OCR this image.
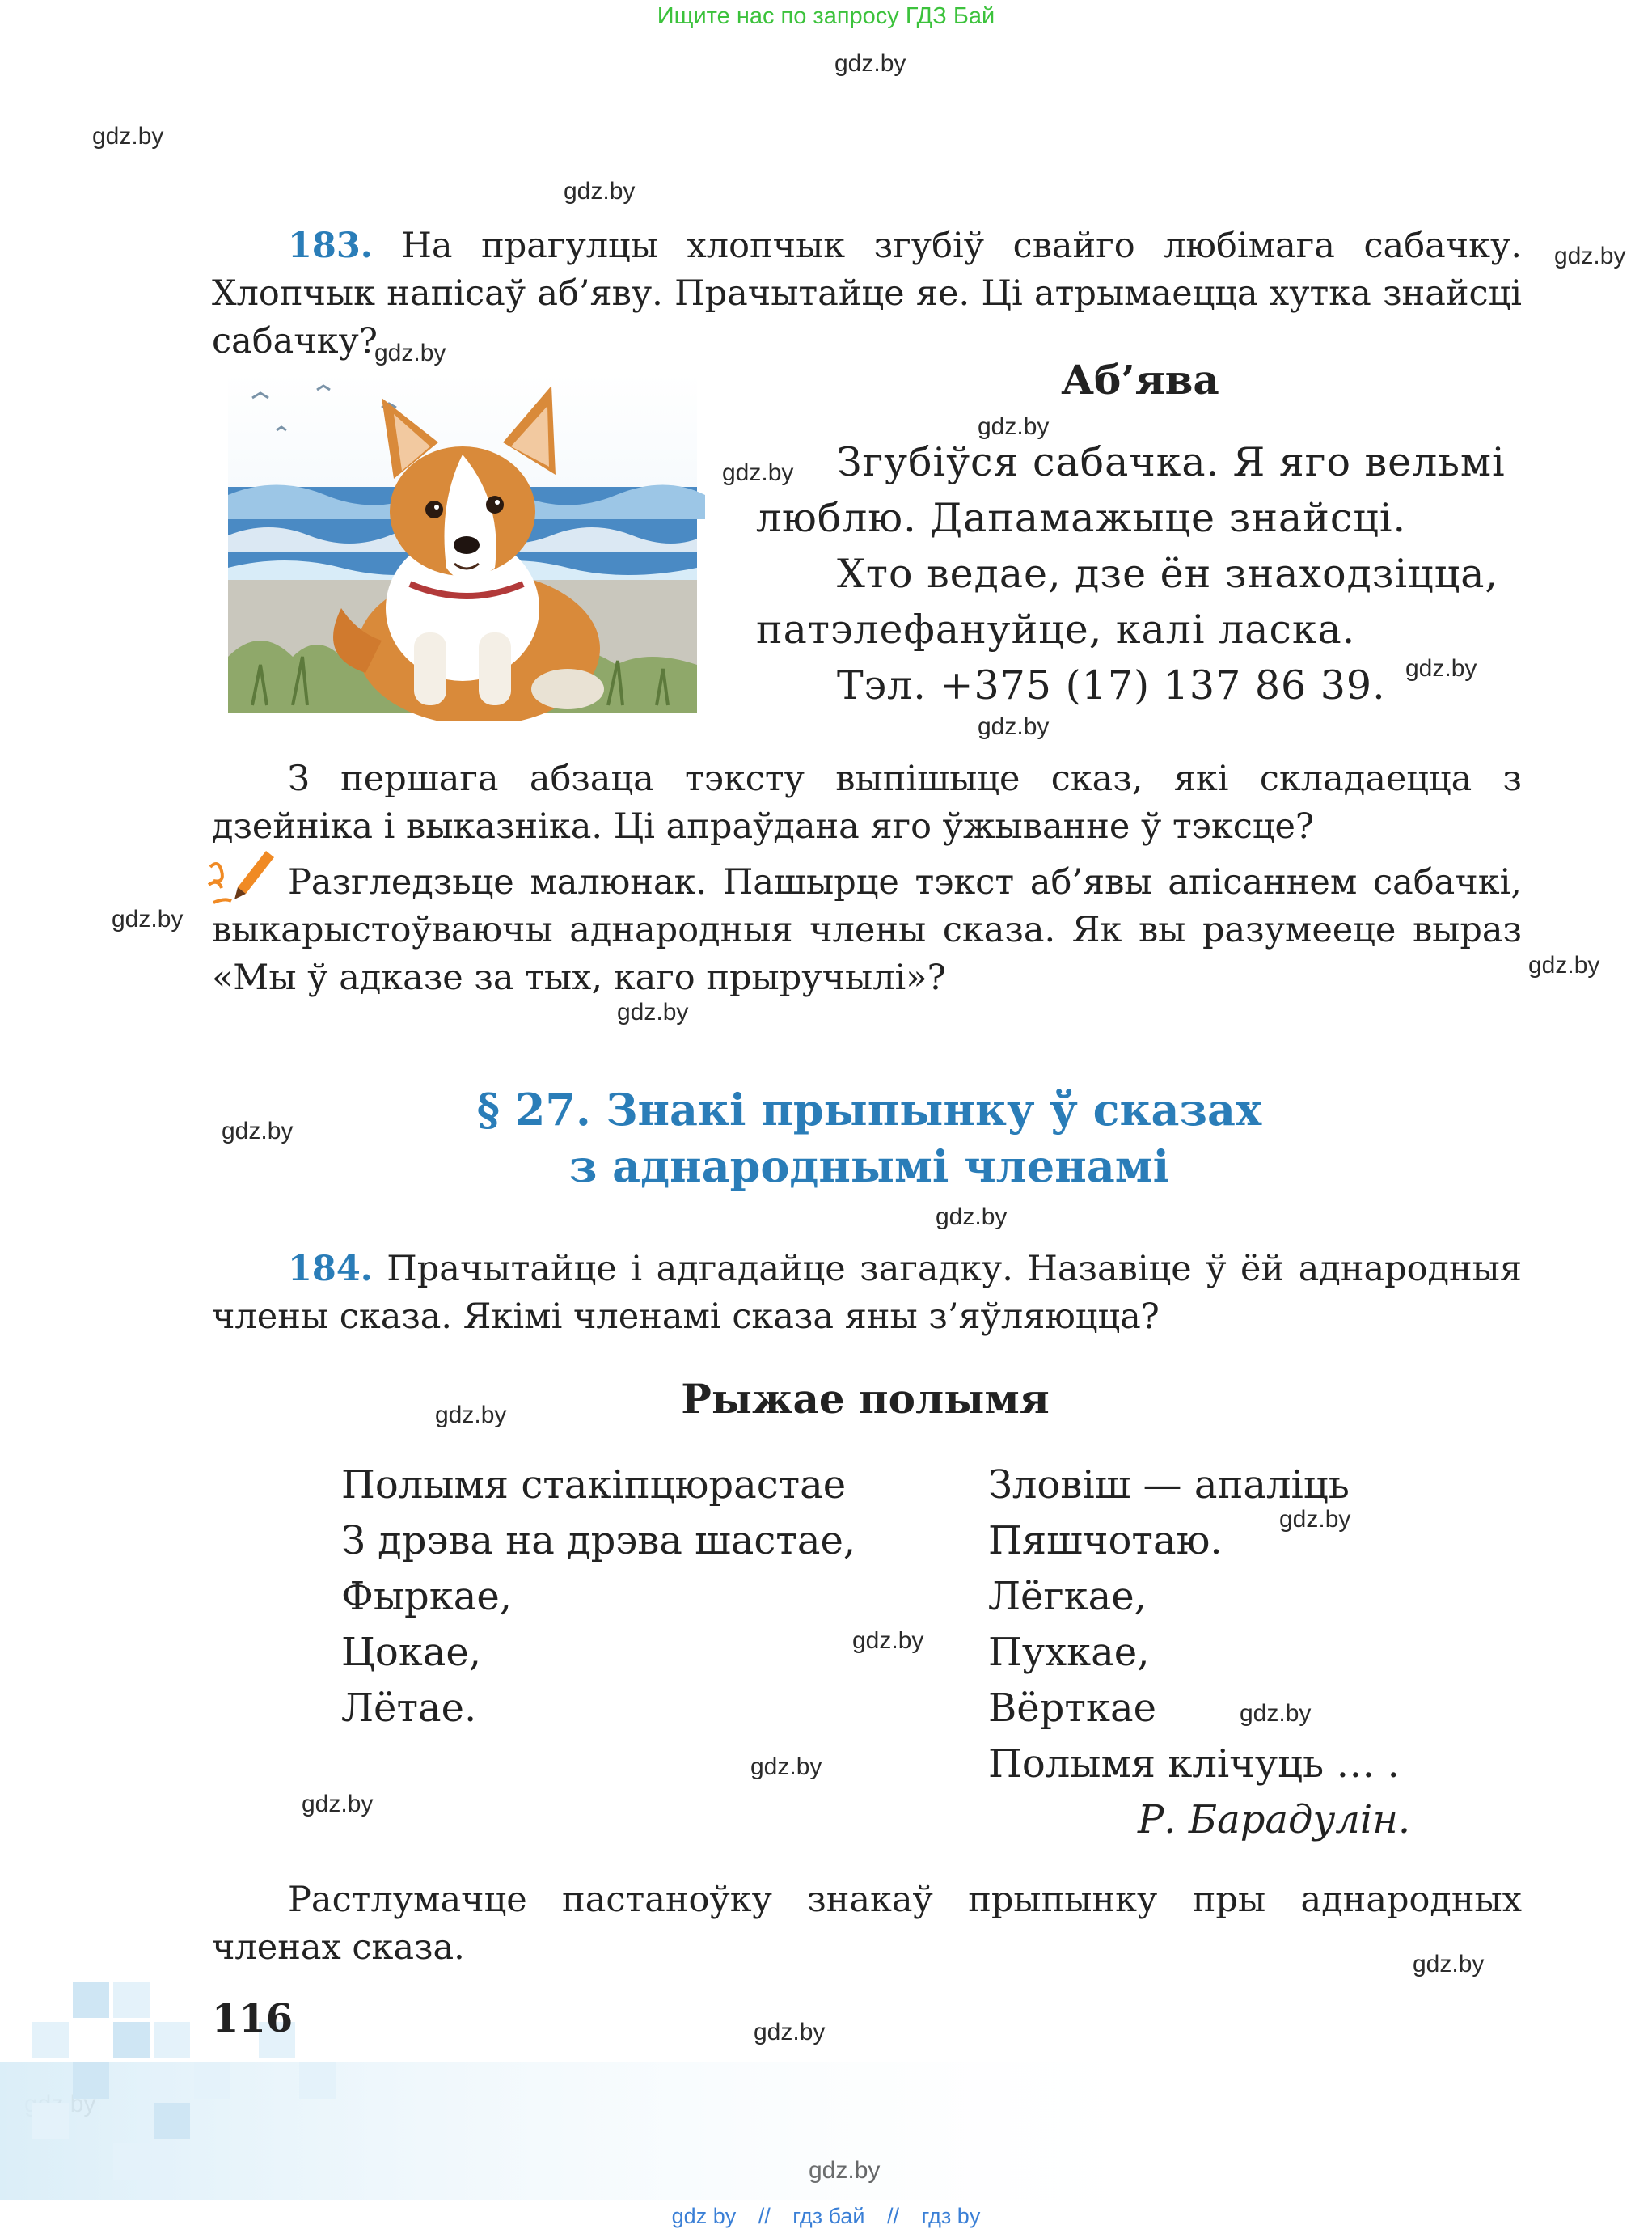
Ищите нас по запросу ГДЗ Бай
gdz.by
gdz.by
gdz.by
gdz.by
gdz.by
gdz.by
gdz.by
gdz.by
gdz.by
gdz.by
gdz.by
gdz.by
gdz.by
gdz.by
gdz.by
gdz.by
gdz.by
gdz.by
gdz.by
gdz.by
gdz.by
gdz.by
183. На прагулцы хлопчык згубіў свайго любімага сабачку. Хлопчык напісаў аб’яву. Прачытайце яе. Ці атрымаецца хутка знайсці сабачку?
Аб’ява
Згубіўся сабачка. Я яго вельмі
люблю. Дапамажыце знайсці.
Хто ведае, дзе ён знаходзіцца,
патэлефануйце, калі ласка.
Тэл. +375 (17) 137 86 39.
З першага абзаца тэксту выпішыце сказ, які складаецца з дзейніка і выказніка. Ці апраўдана яго ўжыванне ў тэксце?
Разгледзьце малюнак. Пашырце тэкст аб’явы апісаннем сабачкі, выкарыстоўваючы аднародныя члены сказа. Як вы разумееце выраз «Мы ў адказе за тых, каго прыручылі»?
§ 27. Знакі прыпынку ў сказах
з аднароднымі членамі
184. Прачытайце і адгадайце загадку. Назавіце ў ёй аднародныя члены сказа. Якімі членамі сказа яны з’яўляюцца?
Рыжае полымя
Полымя стакіпцюрастае
З дрэва на дрэва шастае,
Фыркае,
Цокае,
Лётае.
Зловіш — апаліць
Пяшчотаю.
Лёгкае,
Пухкае,
Вёрткае
Полымя клічуць … .
Р. Барадулін.
Растлумачце пастаноўку знакаў прыпынку пры аднародных членах сказа.
116
gdz by // гдз бай // гдз by
